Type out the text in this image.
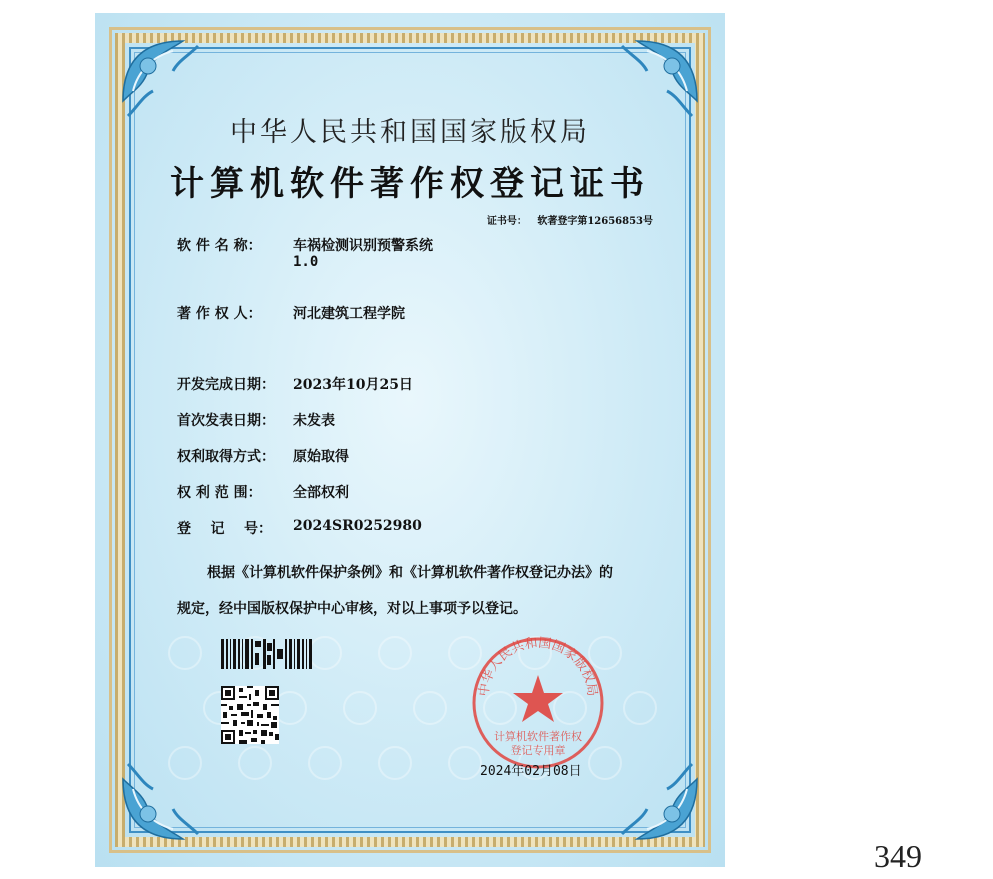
中华人民共和国国家版权局
计算机软件著作权登记证书
证书号： 软著登字第12656853号
软 件 名 称： 车祸检测识别预警系统
1.0
著 作 权 人： 河北建筑工程学院
开发完成日期： 2023年10月25日
首次发表日期： 未发表
权利取得方式： 原始取得
权 利 范 围： 全部权利
登    记    号： 2024SR0252980
根据《计算机软件保护条例》和《计算机软件著作权登记办法》的
规定，经中国版权保护中心审核，对以上事项予以登记。
中华人民共和国国家版权局
计算机软件著作权
登记专用章
2024年02月08日
349
